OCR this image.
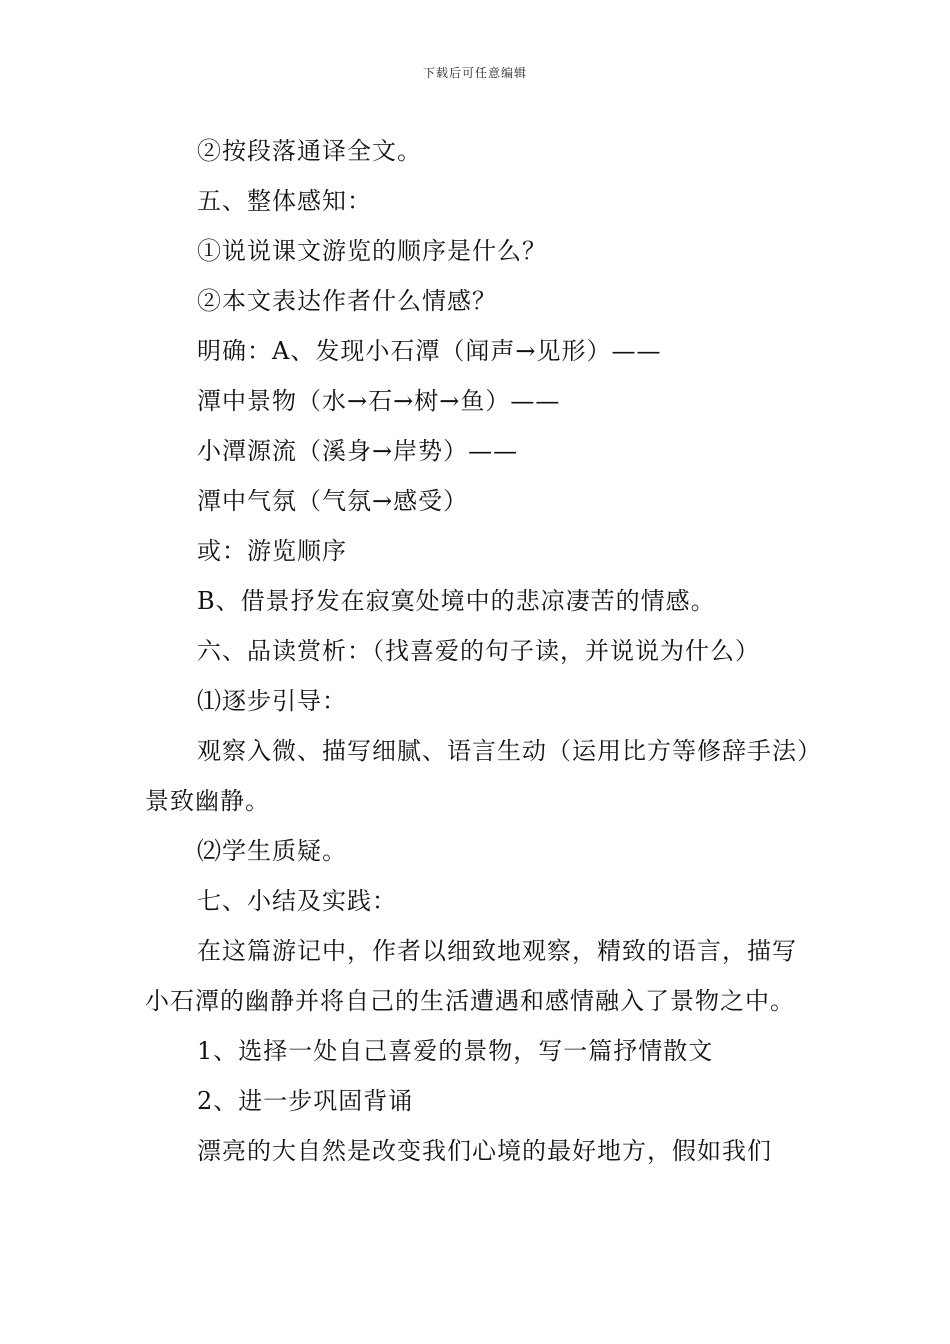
下载后可任意编辑

②按段落通译全文。

五、整体感知：

①说说课文游览的顺序是什么？

②本文表达作者什么情感？

明确：A、发现小石潭（闻声→见形）——

潭中景物（水→石→树→鱼）——

小潭源流（溪身→岸势）——

潭中气氛（气氛→感受）

或：游览顺序

B、借景抒发在寂寞处境中的悲凉凄苦的情感。

六、品读赏析：（找喜爱的句子读，并说说为什么）

⑴逐步引导：

观察入微、描写细腻、语言生动（运用比方等修辞手法）景致幽静。

⑵学生质疑。

七、小结及实践：

在这篇游记中，作者以细致地观察，精致的语言，描写小石潭的幽静并将自己的生活遭遇和感情融入了景物之中。

1、选择一处自己喜爱的景物，写一篇抒情散文

2、进一步巩固背诵

漂亮的大自然是改变我们心境的最好地方，假如我们
